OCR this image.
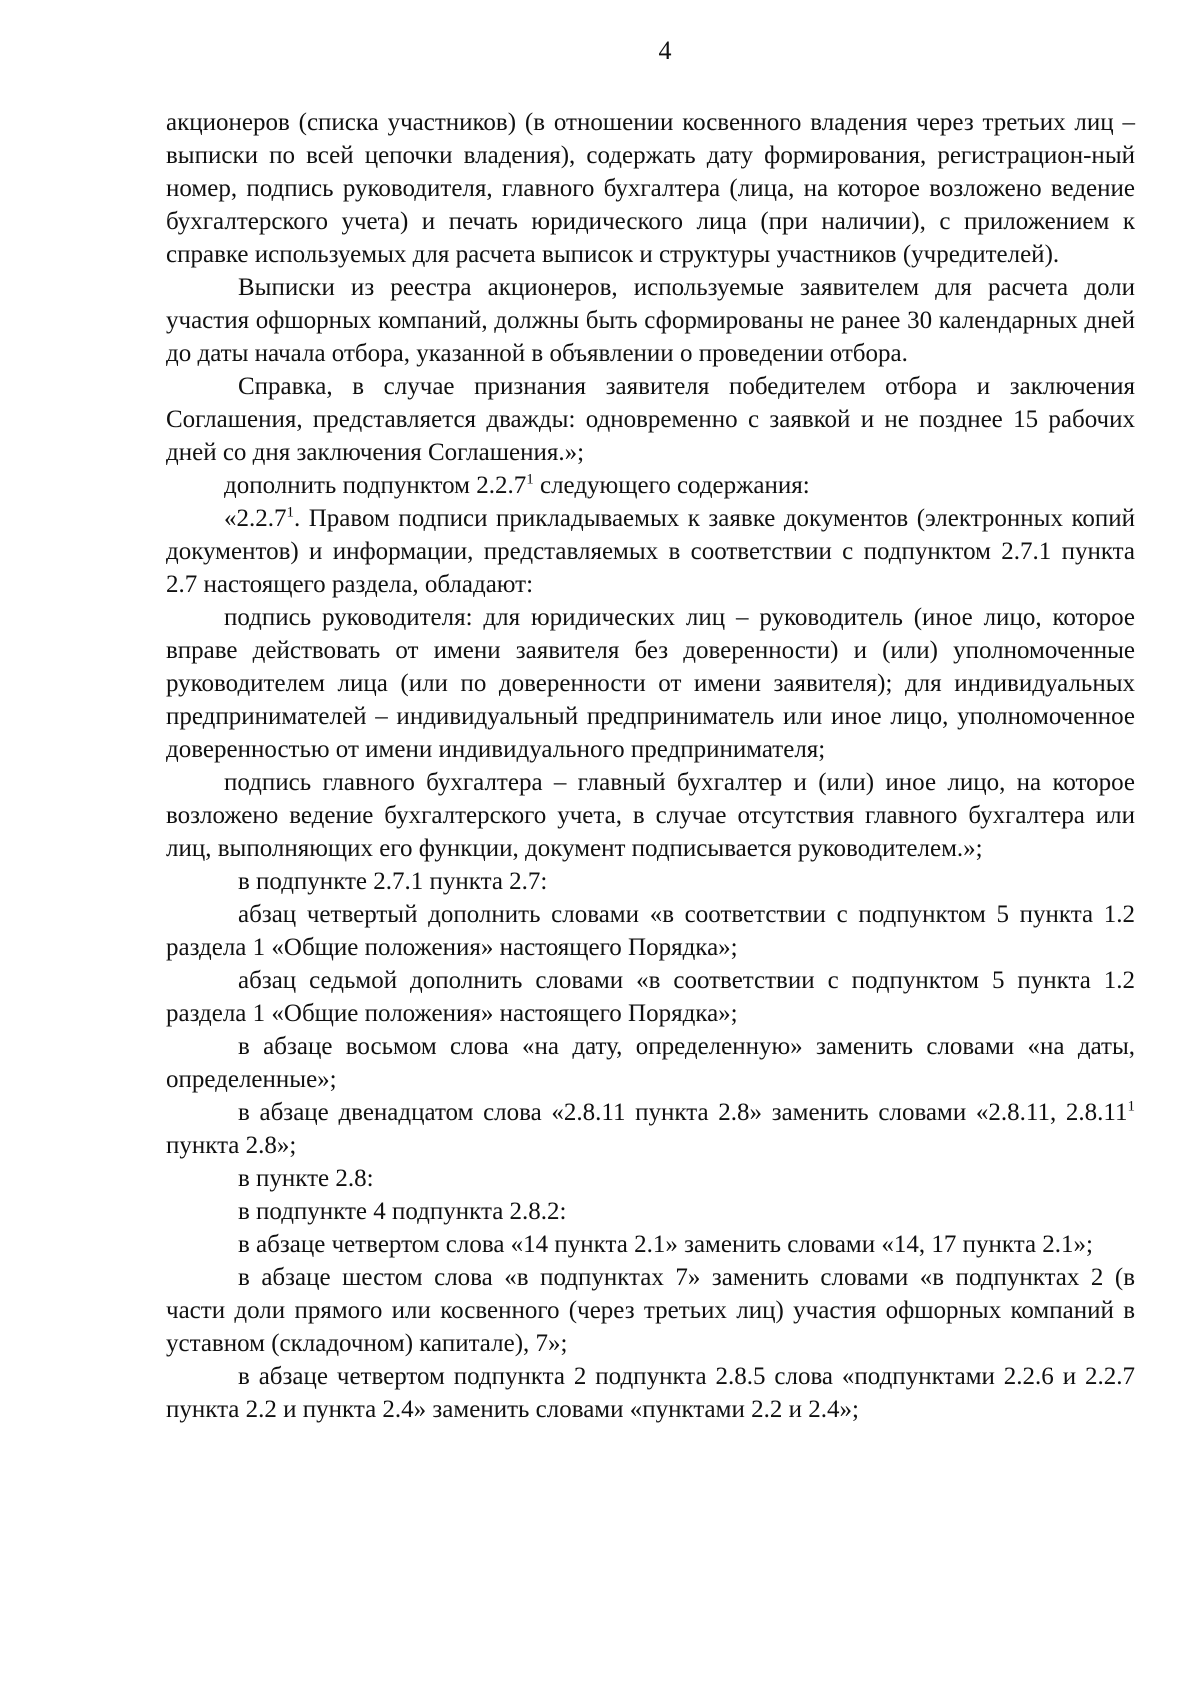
4

акционеров (списка участников) (в отношении косвенного владения через третьих лиц – выписки по всей цепочки владения), содержать дату формирования, регистрацион-ный номер, подпись руководителя, главного бухгалтера (лица, на которое возложено ведение бухгалтерского учета) и печать юридического лица (при наличии), с приложением к справке используемых для расчета выписок и структуры участников (учредителей).

Выписки из реестра акционеров, используемые заявителем для расчета доли участия офшорных компаний, должны быть сформированы не ранее 30 календарных дней до даты начала отбора, указанной в объявлении о проведении отбора.

Справка, в случае признания заявителя победителем отбора и заключения Соглашения, представляется дважды: одновременно с заявкой и не позднее 15 рабочих дней со дня заключения Соглашения.»;

дополнить подпунктом 2.2.7$^1$ следующего содержания:

«2.2.7$^1$. Правом подписи прикладываемых к заявке документов (электронных копий документов) и информации, представляемых в соответствии с подпунктом 2.7.1 пункта 2.7 настоящего раздела, обладают:

подпись руководителя: для юридических лиц – руководитель (иное лицо, которое вправе действовать от имени заявителя без доверенности) и (или) уполномоченные руководителем лица (или по доверенности от имени заявителя); для индивидуальных предпринимателей – индивидуальный предприниматель или иное лицо, уполномоченное доверенностью от имени индивидуального предпринимателя;

подпись главного бухгалтера – главный бухгалтер и (или) иное лицо, на которое возложено ведение бухгалтерского учета, в случае отсутствия главного бухгалтера или лиц, выполняющих его функции, документ подписывается руководителем.»;

в подпункте 2.7.1 пункта 2.7:

абзац четвертый дополнить словами «в соответствии с подпунктом 5 пункта 1.2 раздела 1 «Общие положения» настоящего Порядка»;

абзац седьмой дополнить словами «в соответствии с подпунктом 5 пункта 1.2 раздела 1 «Общие положения» настоящего Порядка»;

в абзаце восьмом слова «на дату, определенную» заменить словами «на даты, определенные»;

в абзаце двенадцатом слова «2.8.11 пункта 2.8» заменить словами «2.8.11, 2.8.11$^1$ пункта 2.8»;

в пункте 2.8:

в подпункте 4 подпункта 2.8.2:

в абзаце четвертом слова «14 пункта 2.1» заменить словами «14, 17 пункта 2.1»;

в абзаце шестом слова «в подпунктах 7» заменить словами «в подпунктах 2 (в части доли прямого или косвенного (через третьих лиц) участия офшорных компаний в уставном (складочном) капитале), 7»;

в абзаце четвертом подпункта 2 подпункта 2.8.5 слова «подпунктами 2.2.6 и 2.2.7 пункта 2.2 и пункта 2.4» заменить словами «пунктами 2.2 и 2.4»;
